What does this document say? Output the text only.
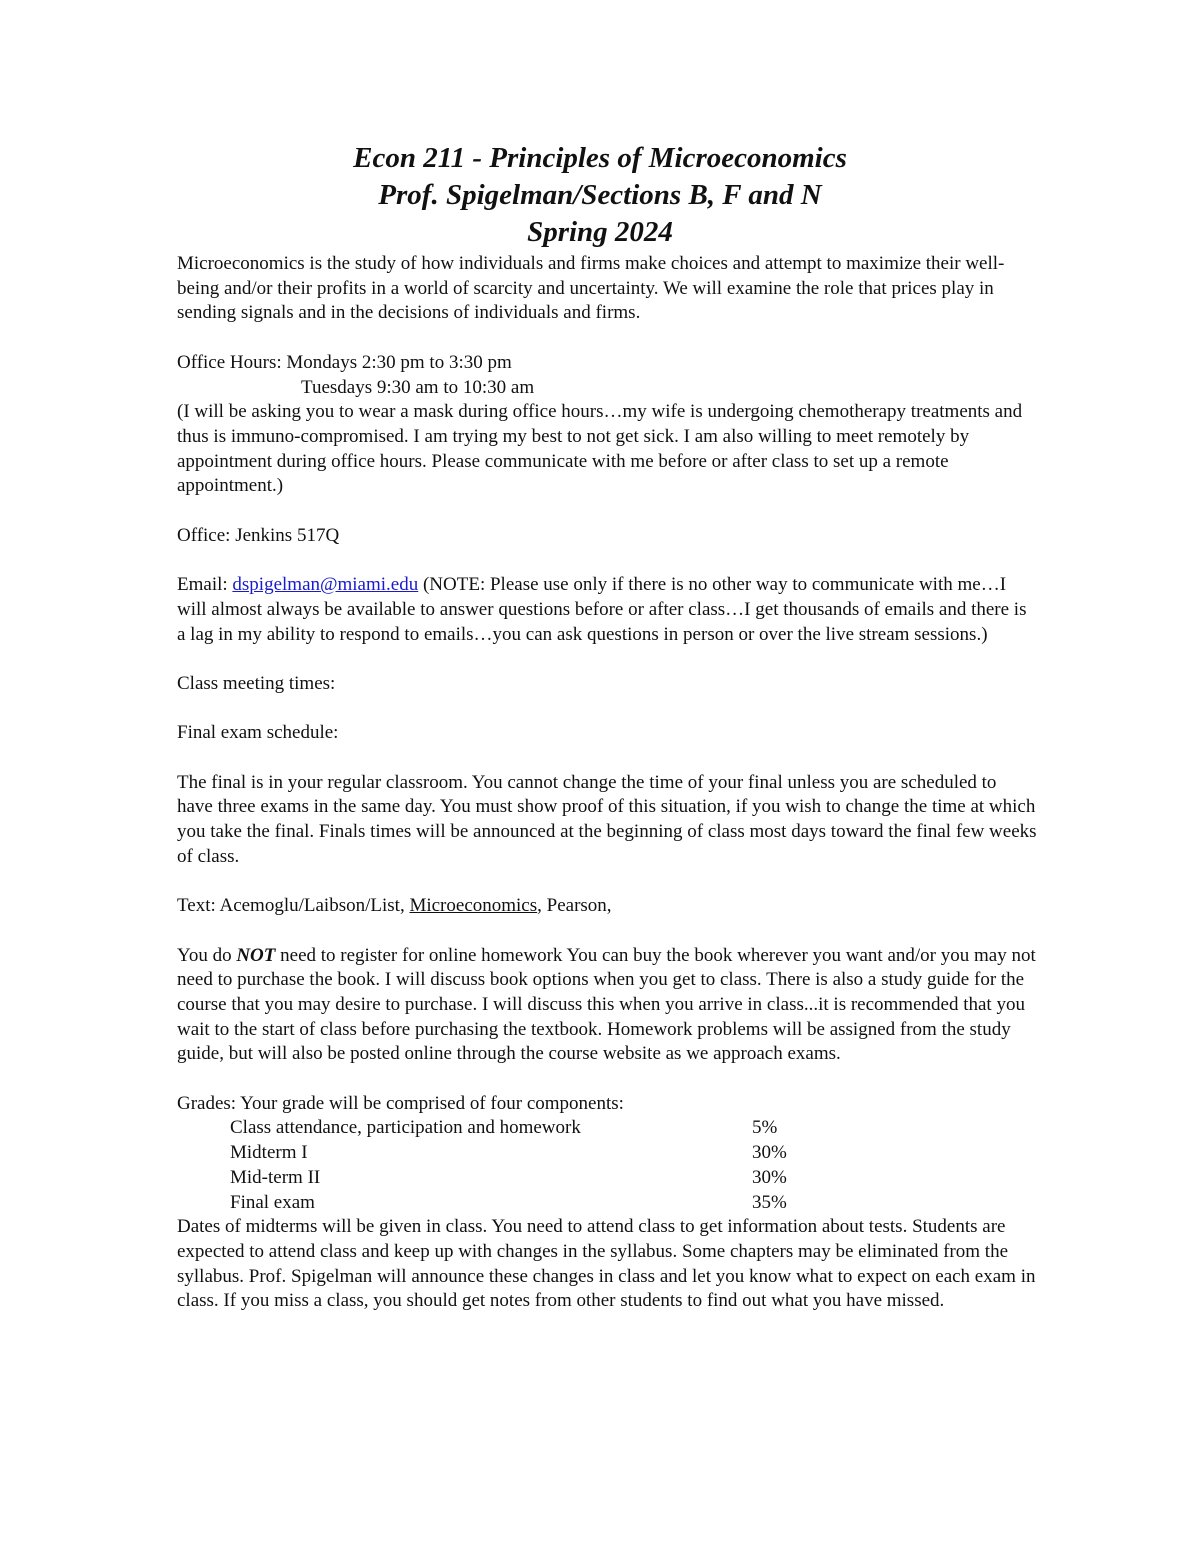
Econ 211 - Principles of Microeconomics
Prof. Spigelman/Sections B, F and N
Spring 2024

Microeconomics is the study of how individuals and firms make choices and attempt to maximize their well-being and/or their profits in a world of scarcity and uncertainty. We will examine the role that prices play in sending signals and in the decisions of individuals and firms.

Office Hours: Mondays 2:30 pm to 3:30 pm

Tuesdays 9:30 am to 10:30 am

(I will be asking you to wear a mask during office hours…my wife is undergoing chemotherapy treatments and thus is immuno-compromised. I am trying my best to not get sick. I am also willing to meet remotely by appointment during office hours. Please communicate with me before or after class to set up a remote appointment.)

Office: Jenkins 517Q

Email: dspigelman@miami.edu (NOTE: Please use only if there is no other way to communicate with me…I will almost always be available to answer questions before or after class…I get thousands of emails and there is a lag in my ability to respond to emails…you can ask questions in person or over the live stream sessions.)

Class meeting times:

Final exam schedule:

The final is in your regular classroom. You cannot change the time of your final unless you are scheduled to have three exams in the same day. You must show proof of this situation, if you wish to change the time at which you take the final. Finals times will be announced at the beginning of class most days toward the final few weeks of class.

Text: Acemoglu/Laibson/List, Microeconomics, Pearson,

You do NOT need to register for online homework You can buy the book wherever you want and/or you may not need to purchase the book. I will discuss book options when you get to class. There is also a study guide for the course that you may desire to purchase. I will discuss this when you arrive in class...it is recommended that you wait to the start of class before purchasing the textbook. Homework problems will be assigned from the study guide, but will also be posted online through the course website as we approach exams.

Grades: Your grade will be comprised of four components:
Class attendance, participation and homework	5%
Midterm I	30%
Mid-term II	30%
Final exam	35%
Dates of midterms will be given in class. You need to attend class to get information about tests. Students are expected to attend class and keep up with changes in the syllabus. Some chapters may be eliminated from the syllabus. Prof. Spigelman will announce these changes in class and let you know what to expect on each exam in class. If you miss a class, you should get notes from other students to find out what you have missed.
